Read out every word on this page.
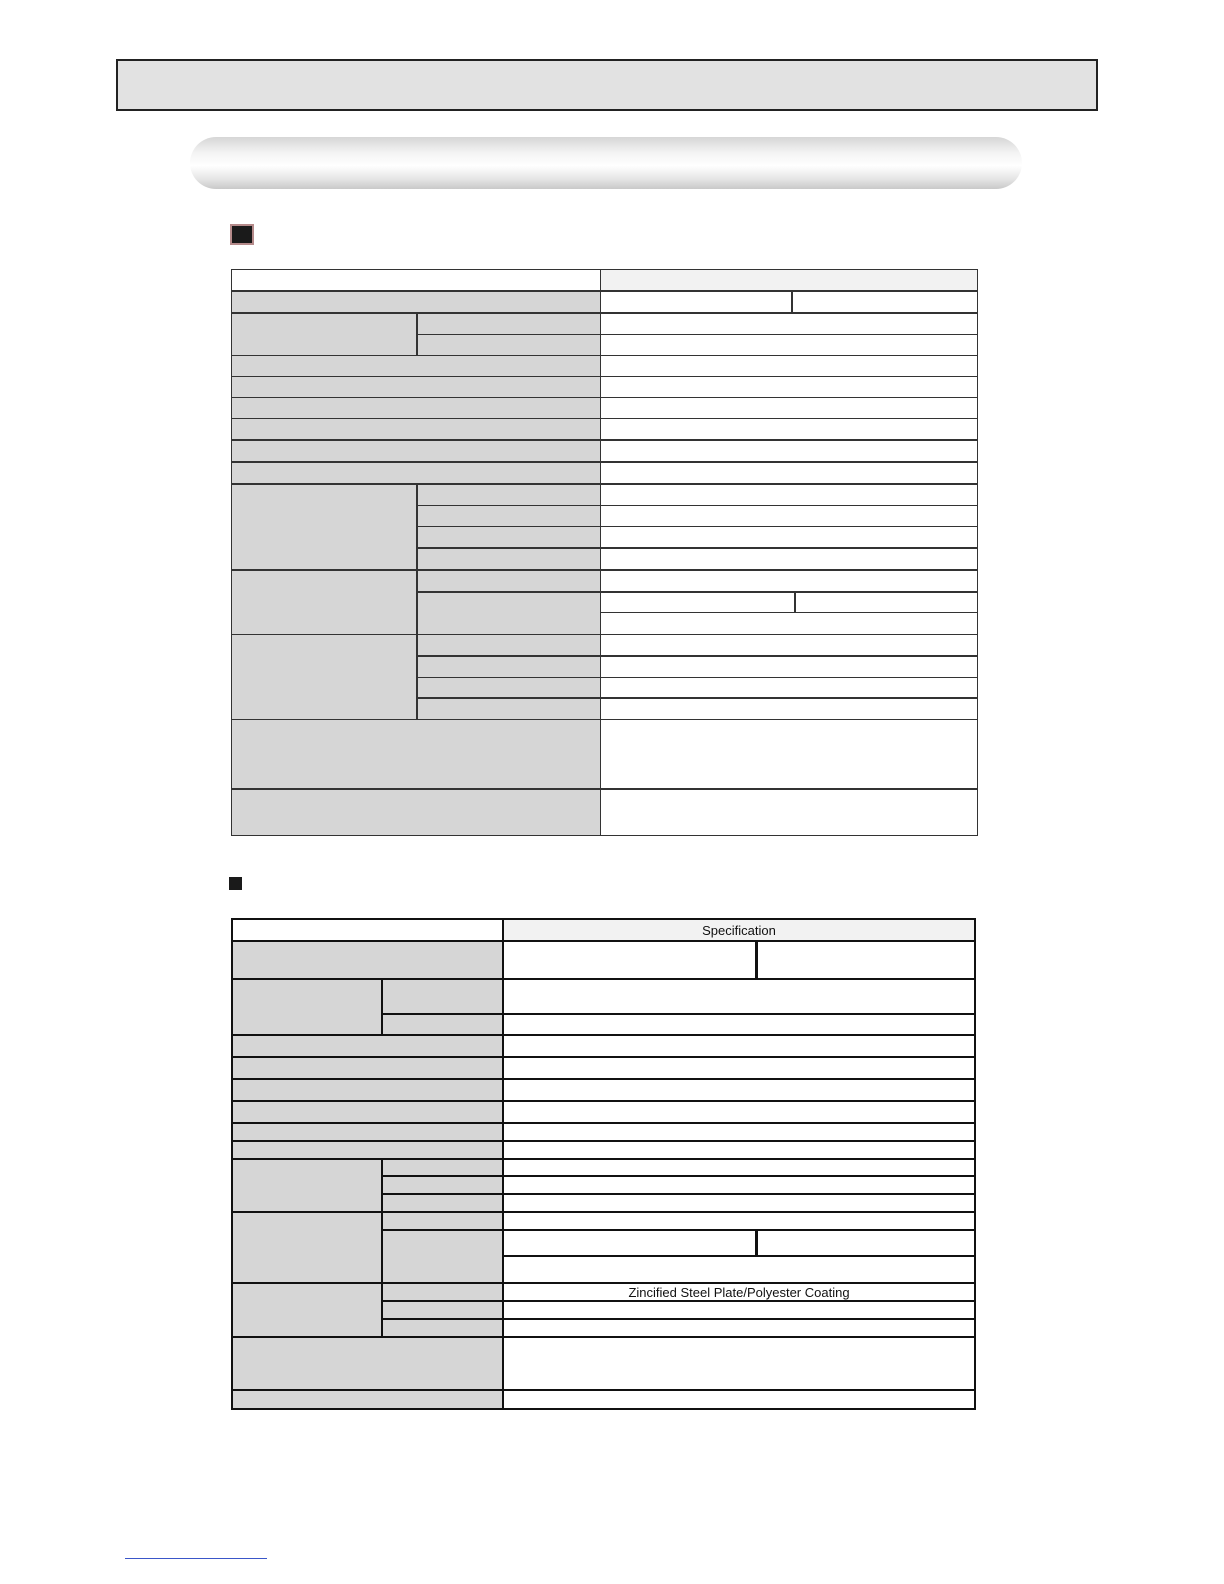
Specification
Zincified Steel Plate/Polyester Coating
